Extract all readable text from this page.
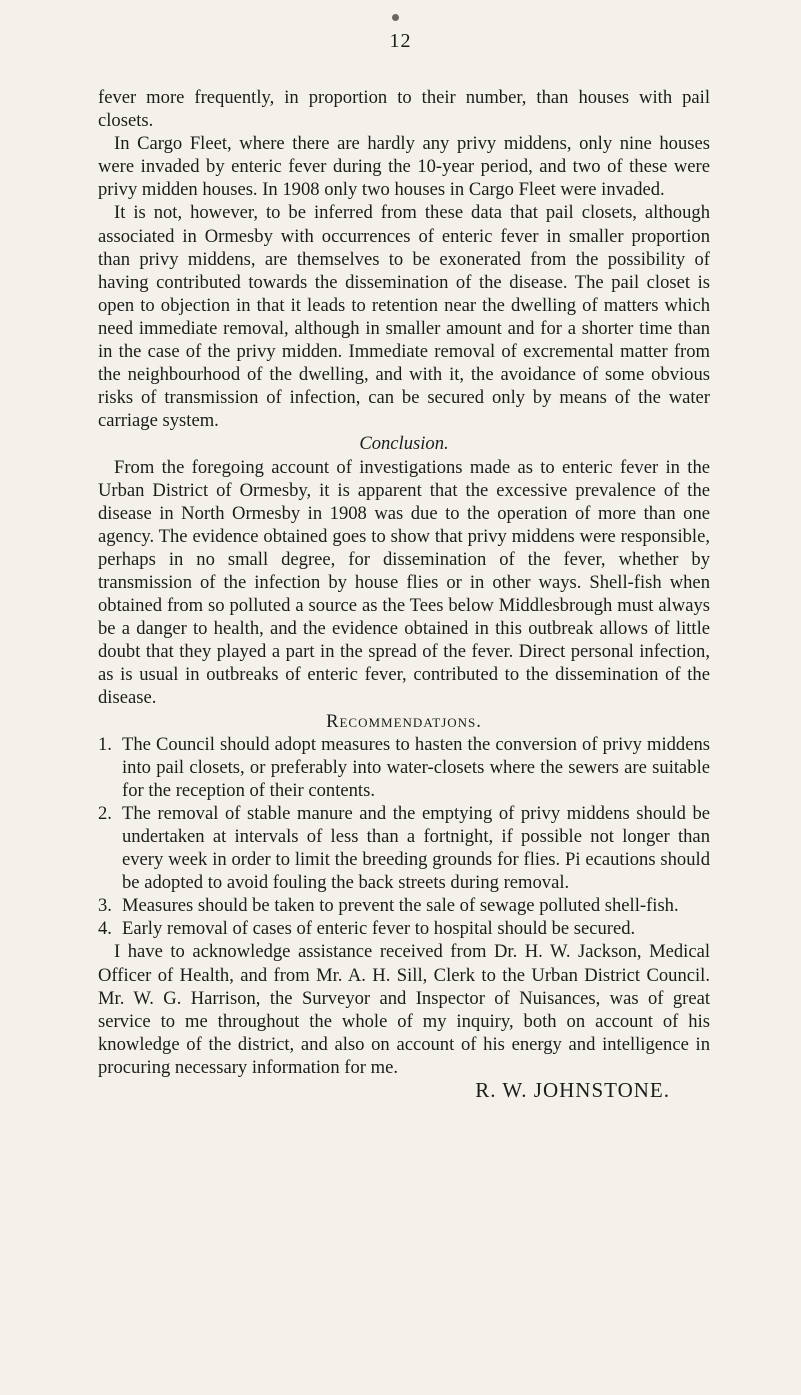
12

fever more frequently, in proportion to their number, than houses with pail closets.

In Cargo Fleet, where there are hardly any privy middens, only nine houses were invaded by enteric fever during the 10-year period, and two of these were privy midden houses. In 1908 only two houses in Cargo Fleet were invaded.

It is not, however, to be inferred from these data that pail closets, although associated in Ormesby with occurrences of enteric fever in smaller proportion than privy middens, are themselves to be exonerated from the possibility of having contributed towards the dissemination of the disease. The pail closet is open to objection in that it leads to retention near the dwelling of matters which need immediate removal, although in smaller amount and for a shorter time than in the case of the privy midden. Immediate removal of excremental matter from the neighbourhood of the dwelling, and with it, the avoidance of some obvious risks of transmission of infection, can be secured only by means of the water carriage system.

Conclusion.

From the foregoing account of investigations made as to enteric fever in the Urban District of Ormesby, it is apparent that the excessive prevalence of the disease in North Ormesby in 1908 was due to the operation of more than one agency. The evidence obtained goes to show that privy middens were responsible, perhaps in no small degree, for dissemination of the fever, whether by transmission of the infection by house flies or in other ways. Shell-fish when obtained from so polluted a source as the Tees below Middlesbrough must always be a danger to health, and the evidence obtained in this outbreak allows of little doubt that they played a part in the spread of the fever. Direct personal infection, as is usual in outbreaks of enteric fever, contributed to the dissemination of the disease.

Recommendatjons.

1. The Council should adopt measures to hasten the conversion of privy middens into pail closets, or preferably into water-closets where the sewers are suitable for the reception of their contents.
2. The removal of stable manure and the emptying of privy middens should be undertaken at intervals of less than a fortnight, if possible not longer than every week in order to limit the breeding grounds for flies. Pi ecautions should be adopted to avoid fouling the back streets during removal.
3. Measures should be taken to prevent the sale of sewage polluted shell-fish.
4. Early removal of cases of enteric fever to hospital should be secured.

I have to acknowledge assistance received from Dr. H. W. Jackson, Medical Officer of Health, and from Mr. A. H. Sill, Clerk to the Urban District Council. Mr. W. G. Harrison, the Surveyor and Inspector of Nuisances, was of great service to me throughout the whole of my inquiry, both on account of his knowledge of the district, and also on account of his energy and intelligence in procuring necessary information for me.

R. W. JOHNSTONE.
